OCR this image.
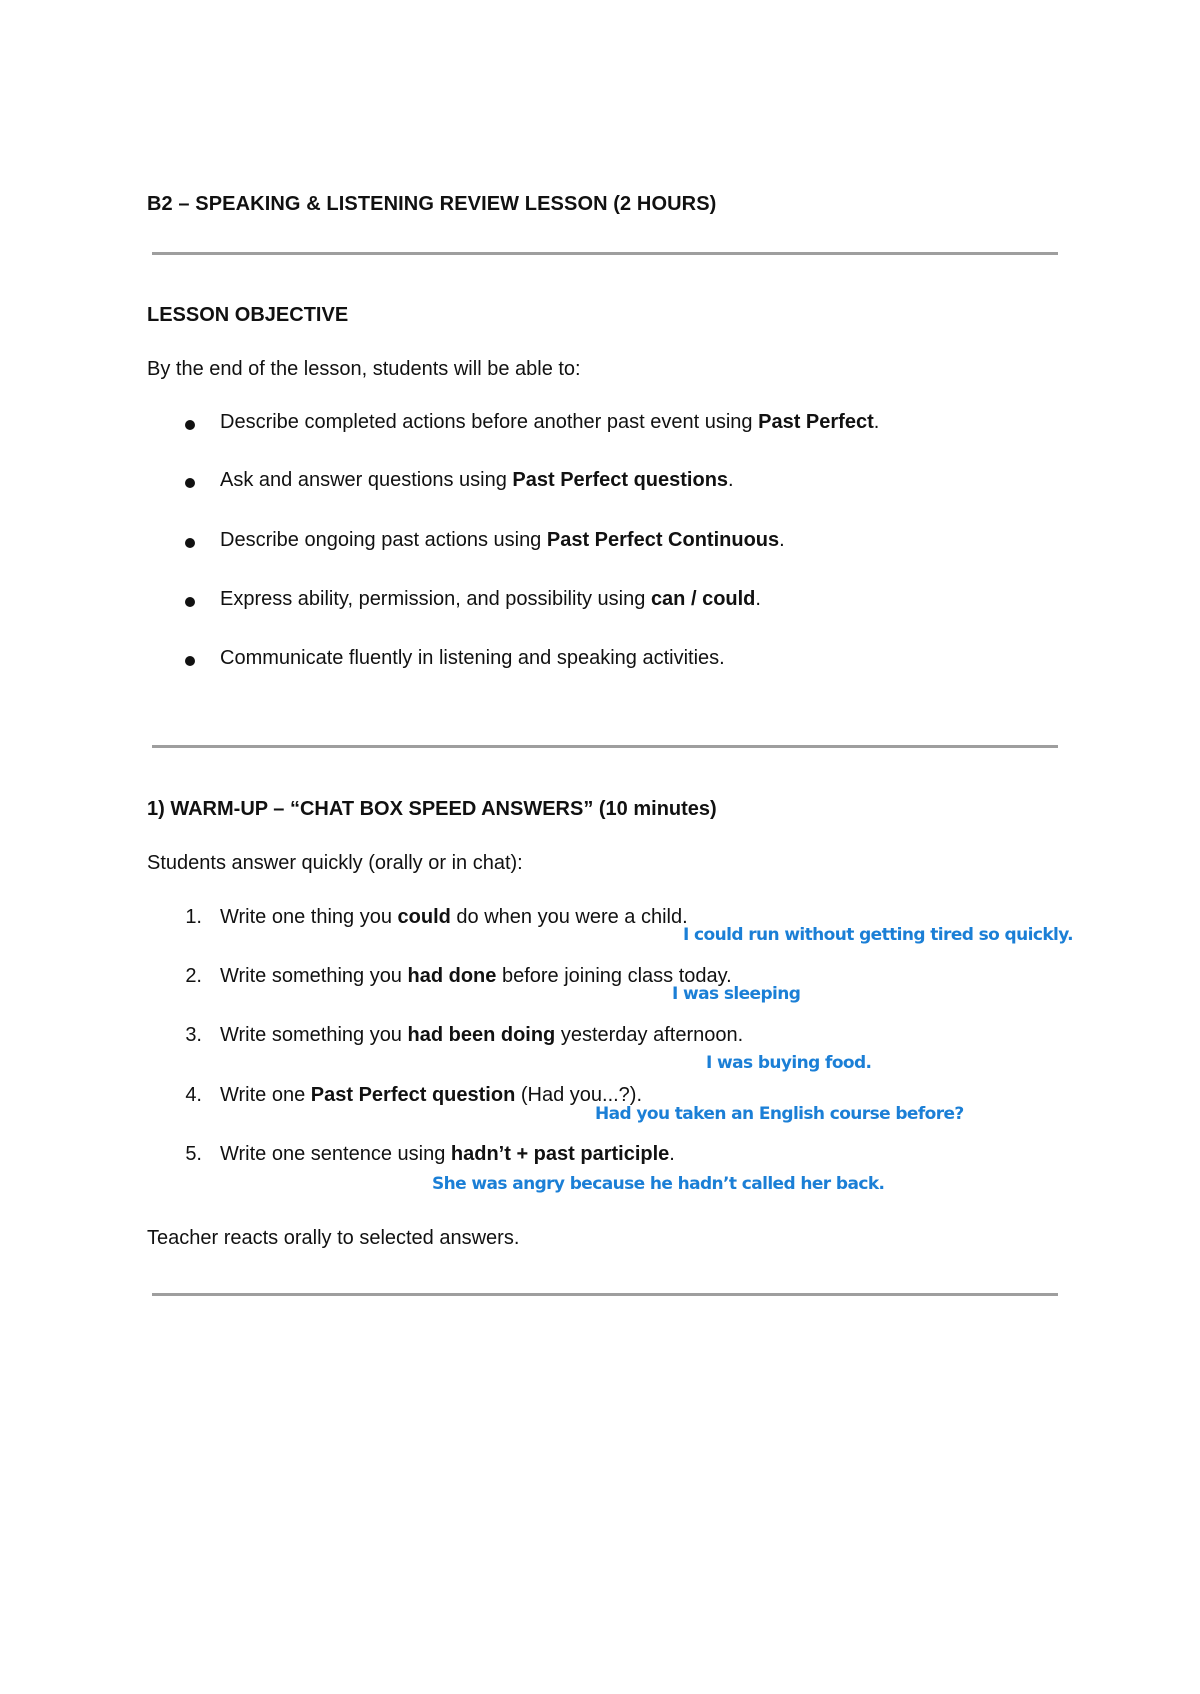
B2 – SPEAKING & LISTENING REVIEW LESSON (2 HOURS)

LESSON OBJECTIVE

By the end of the lesson, students will be able to:

Describe completed actions before another past event using Past Perfect.

Ask and answer questions using Past Perfect questions.

Describe ongoing past actions using Past Perfect Continuous.

Express ability, permission, and possibility using can / could.

Communicate fluently in listening and speaking activities.

1) WARM-UP – “CHAT BOX SPEED ANSWERS” (10 minutes)

Students answer quickly (orally or in chat):

1. Write one thing you could do when you were a child.

I could run without getting tired so quickly.
2. Write something you had done before joining class today.

I was sleeping
3. Write something you had been doing yesterday afternoon.

I was buying food.
4. Write one Past Perfect question (Had you...?).

Had you taken an English course before?
5. Write one sentence using hadn’t + past participle.

She was angry because he hadn’t called her back.

Teacher reacts orally to selected answers.
